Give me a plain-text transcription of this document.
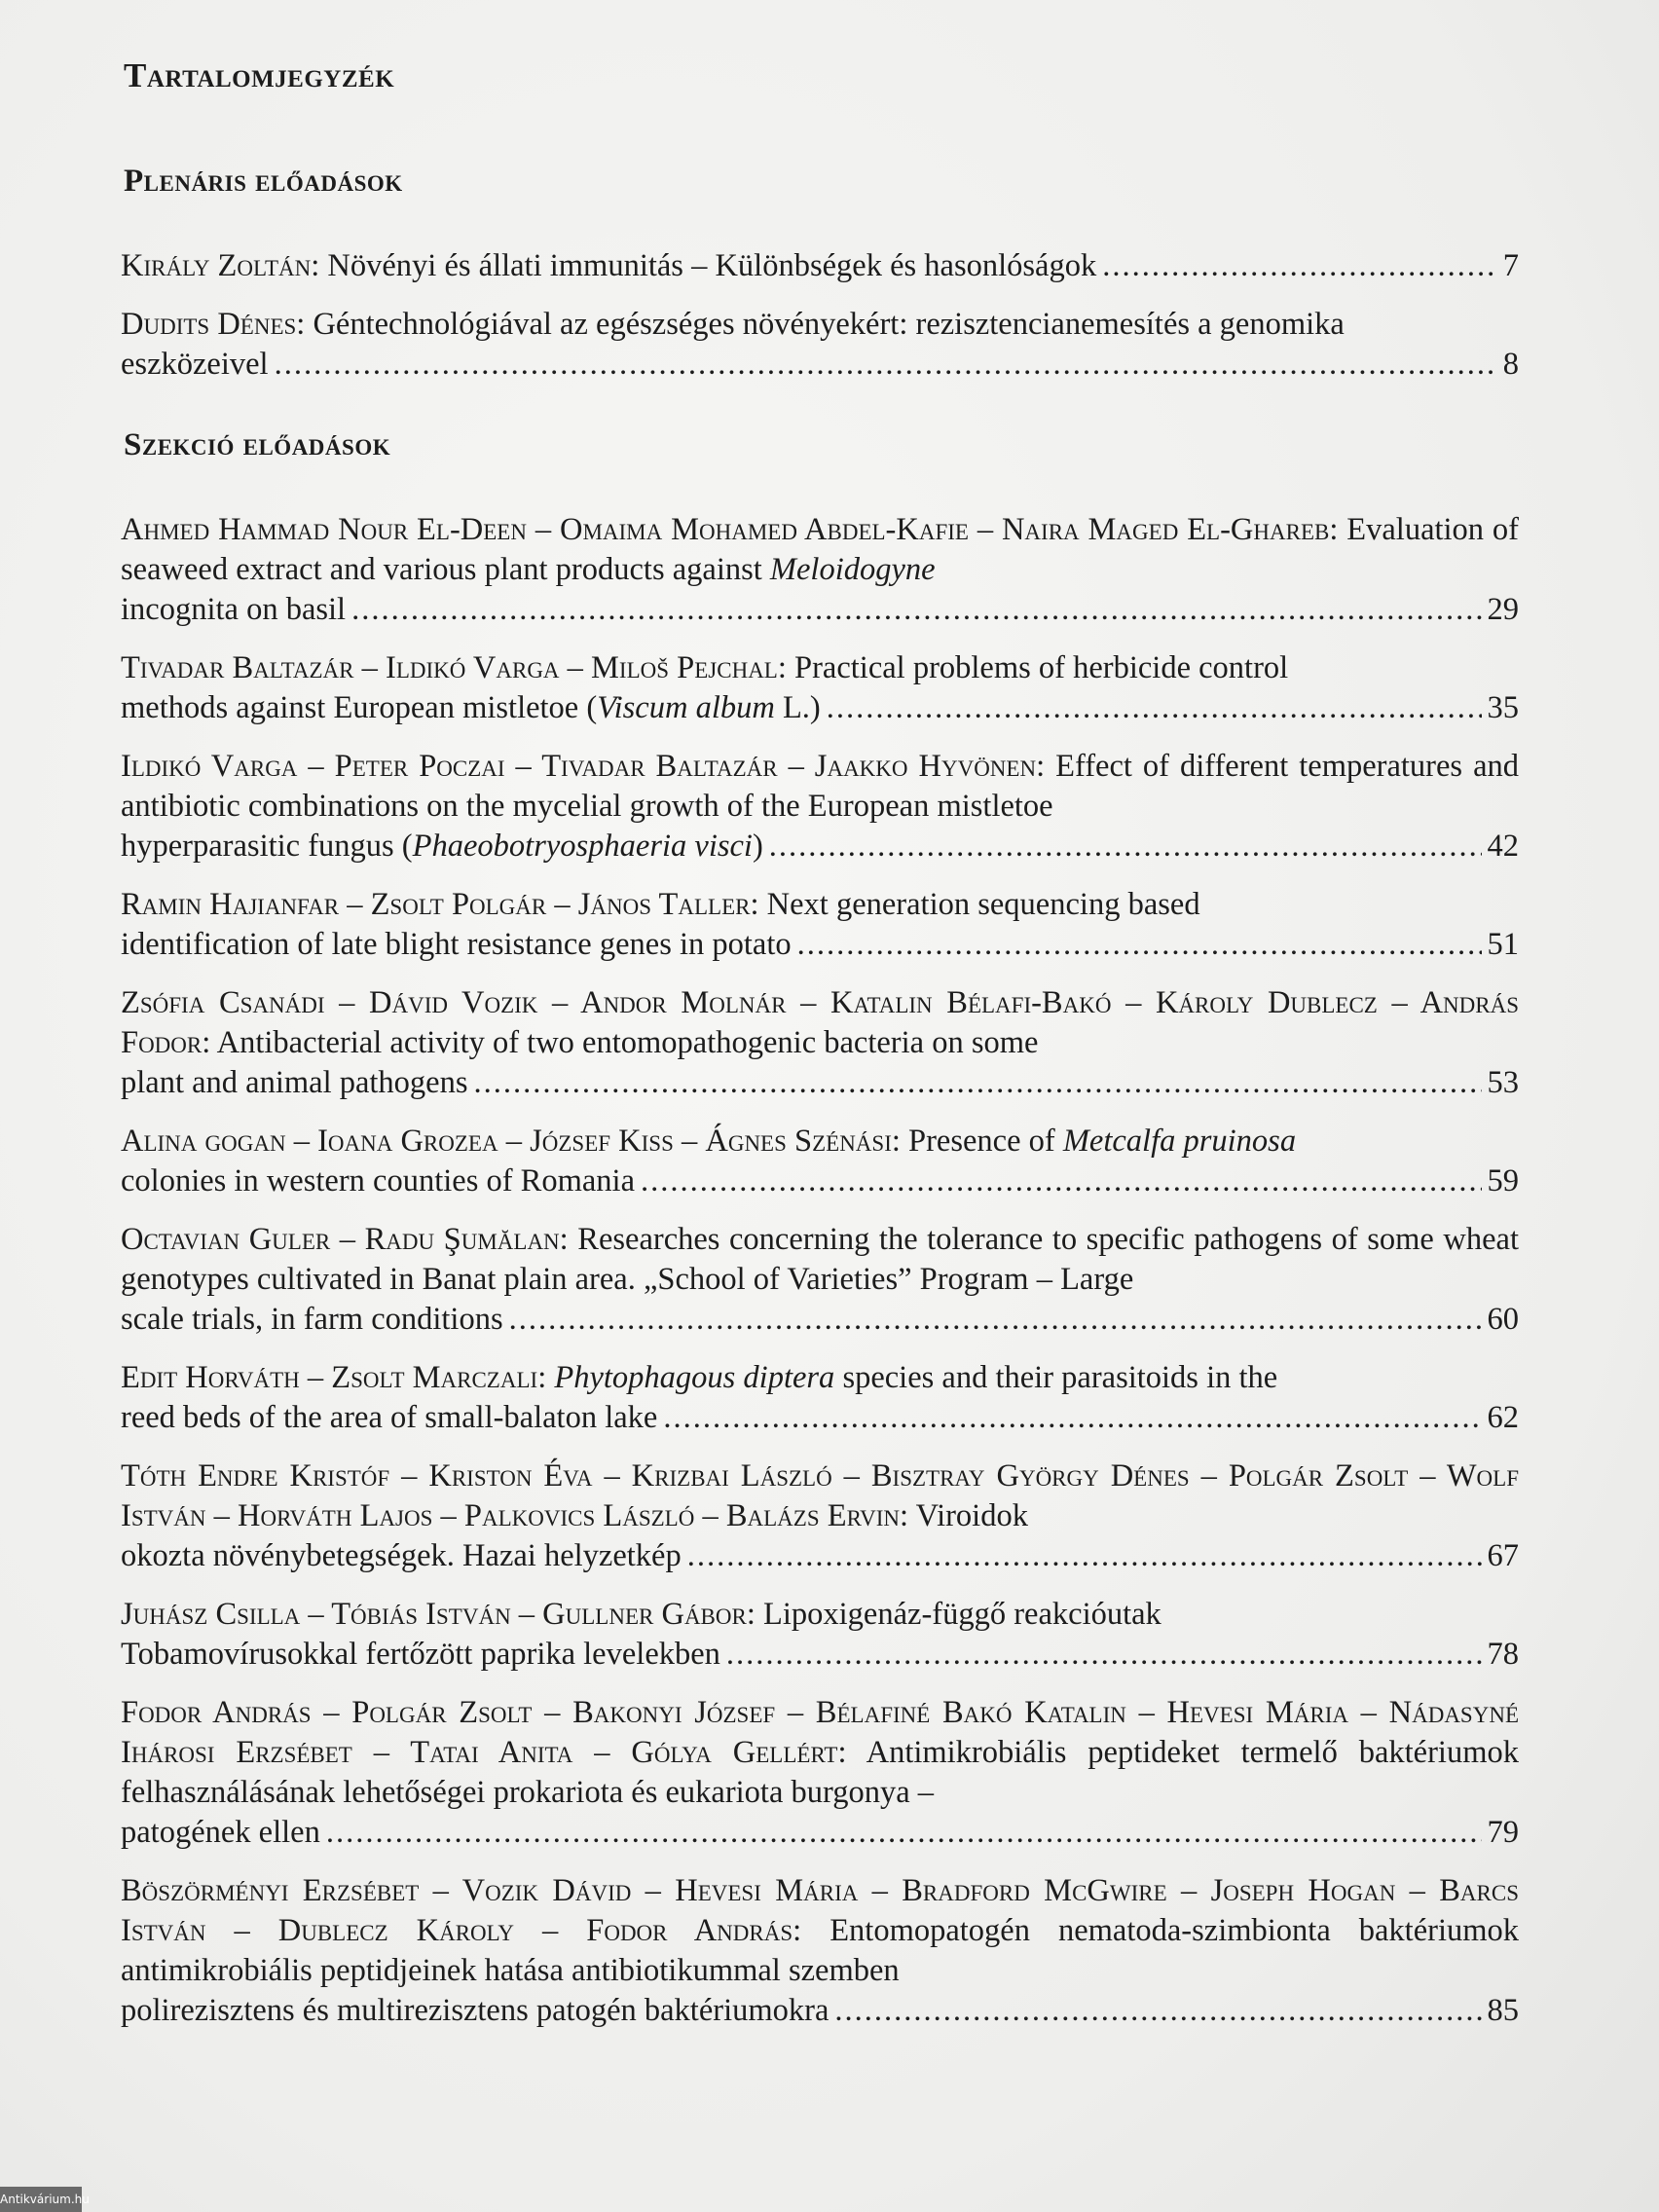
Tartalomjegyzék
Plenáris előadások
Király Zoltán: Növényi és állati immunitás – Különbségek és hasonlóságok .....	7
Dudits Dénes: Géntechnológiával az egészséges növényekért: rezisztencianemesítés a genomika
eszközeivel .....	8
Szekció előadások
Ahmed Hammad Nour El-Deen – Omaima Mohamed Abdel-Kafie – Naira Maged El-Ghareb: Evaluation of seaweed extract and various plant products against Meloidogyne
incognita on basil .....	29
Tivadar Baltazár – Ildikó Varga – Miloš Pejchal: Practical problems of herbicide control
methods against European mistletoe (Viscum album L.) .....	35
Ildikó Varga – Peter Poczai – Tivadar Baltazár – Jaakko Hyvönen: Effect of different temperatures and antibiotic combinations on the mycelial growth of the European mistletoe
hyperparasitic fungus (Phaeobotryosphaeria visci) .....	42
Ramin Hajianfar – Zsolt Polgár – János Taller: Next generation sequencing based
identification of late blight resistance genes in potato .....	51
Zsófia Csanádi – Dávid Vozik – Andor Molnár – Katalin Bélafi-Bakó – Károly Dublecz – András Fodor: Antibacterial activity of two entomopathogenic bacteria on some
plant and animal pathogens .....	53
Alina gogan – Ioana Grozea – József Kiss – Ágnes Szénási: Presence of Metcalfa pruinosa
colonies in western counties of Romania .....	59
Octavian Guler – Radu Şumălan: Researches concerning the tolerance to specific pathogens of some wheat genotypes cultivated in Banat plain area. „School of Varieties” Program – Large
scale trials, in farm conditions .....	60
Edit Horváth – Zsolt Marczali: Phytophagous diptera species and their parasitoids in the
reed beds of the area of small-balaton lake .....	62
Tóth Endre Kristóf – Kriston Éva – Krizbai László – Bisztray György Dénes – Polgár Zsolt – Wolf István – Horváth Lajos – Palkovics László – Balázs Ervin: Viroidok
okozta növénybetegségek. Hazai helyzetkép .....	67
Juhász Csilla – Tóbiás István – Gullner Gábor: Lipoxigenáz-függő reakcióutak
Tobamovírusokkal fertőzött paprika levelekben .....	78
Fodor András – Polgár Zsolt – Bakonyi József – Bélafiné Bakó Katalin – Hevesi Mária – Nádasyné Ihárosi Erzsébet – Tatai Anita – Gólya Gellért: Antimikrobiális peptideket termelő baktériumok felhasználásának lehetőségei prokariota és eukariota burgonya –
patogének ellen .....	79
Böszörményi Erzsébet – Vozik Dávid – Hevesi Mária – Bradford McGwire – Joseph Hogan – Barcs István – Dublecz Károly – Fodor András: Entomopatogén nematoda-szimbionta baktériumok antimikrobiális peptidjeinek hatása antibiotikummal szemben
polirezisztens és multirezisztens patogén baktériumokra .....	85
Antikvárium.hu
